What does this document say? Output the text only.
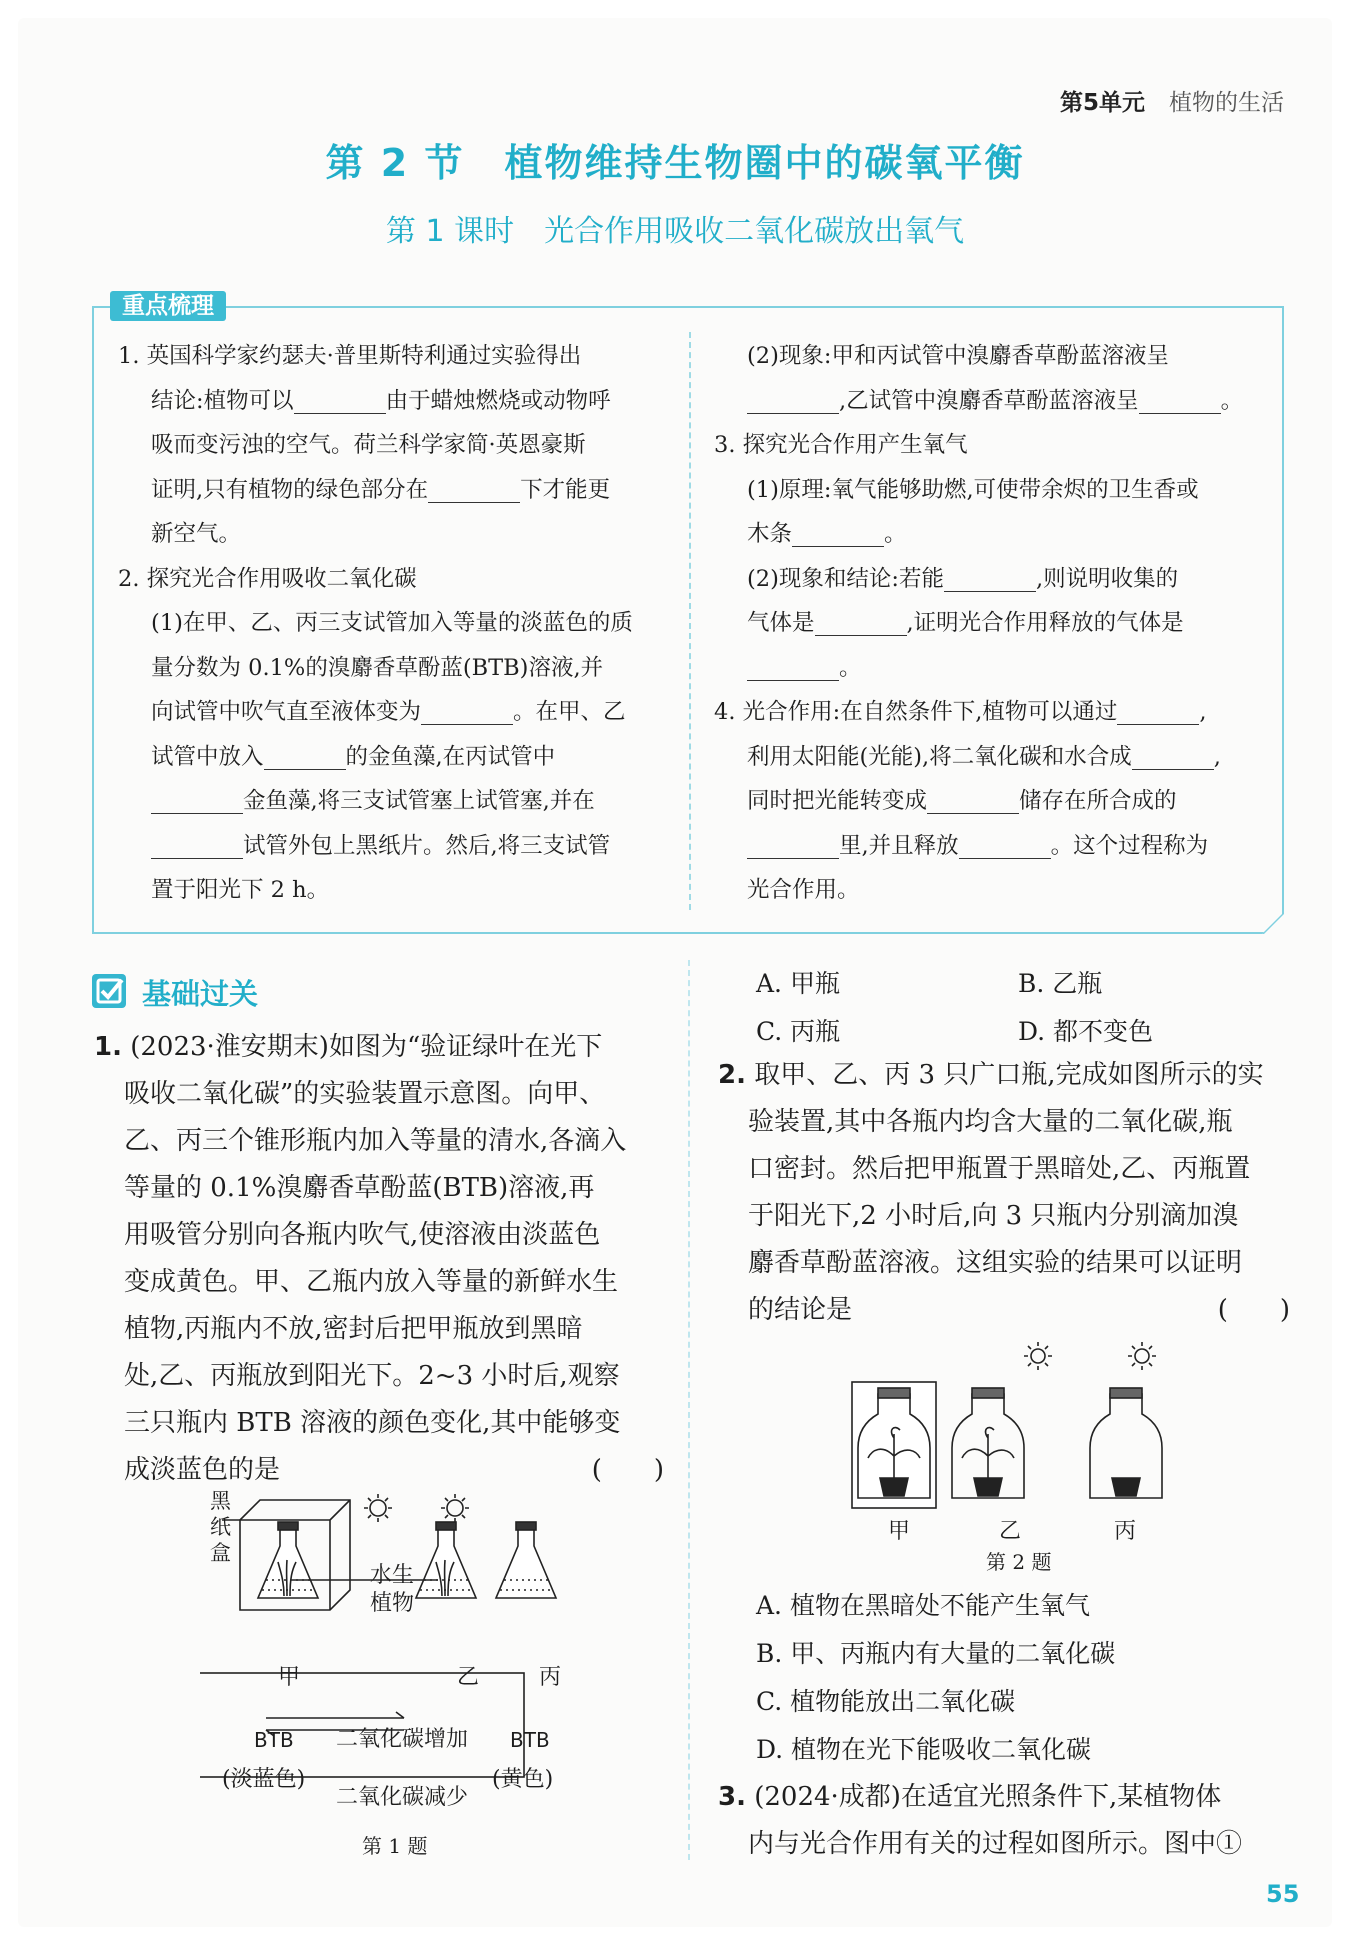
第5单元 植物的生活
第 2 节　植物维持生物圈中的碳氧平衡
第 1 课时　光合作用吸收二氧化碳放出氧气
重点梳理

1. 英国科学家约瑟夫·普里斯特利通过实验得出

结论:植物可以	由于蜡烛燃烧或动物呼

吸而变污浊的空气。荷兰科学家简·英恩豪斯

证明,只有植物的绿色部分在	下才能更

新空气。

2. 探究光合作用吸收二氧化碳

(1)在甲、乙、丙三支试管加入等量的淡蓝色的质

量分数为 0.1%的溴麝香草酚蓝(BTB)溶液,并

向试管中吹气直至液体变为	。在甲、乙

试管中放入	的金鱼藻,在丙试管中

金鱼藻,将三支试管塞上试管塞,并在

试管外包上黑纸片。然后,将三支试管

置于阳光下 2 h。

(2)现象:甲和丙试管中溴麝香草酚蓝溶液呈

,乙试管中溴麝香草酚蓝溶液呈	。

3. 探究光合作用产生氧气

(1)原理:氧气能够助燃,可使带余烬的卫生香或

木条	。

(2)现象和结论:若能	,则说明收集的

气体是	,证明光合作用释放的气体是

。

4. 光合作用:在自然条件下,植物可以通过	,

利用太阳能(光能),将二氧化碳和水合成	,

同时把光能转变成	储存在所合成的

里,并且释放	。这个过程称为

光合作用。

基础过关

1. (2023·淮安期末)如图为“验证绿叶在光下

吸收二氧化碳”的实验装置示意图。向甲、

乙、丙三个锥形瓶内加入等量的清水,各滴入

等量的 0.1%溴麝香草酚蓝(BTB)溶液,再

用吸管分别向各瓶内吹气,使溶液由淡蓝色

变成黄色。甲、乙瓶内放入等量的新鲜水生

植物,丙瓶内不放,密封后把甲瓶放到黑暗

处,乙、丙瓶放到阳光下。2~3 小时后,观察

三只瓶内 BTB 溶液的颜色变化,其中能够变

成淡蓝色的是	(　　)

黑
纸
盒
水生
植物
甲	乙	丙
BTB
(淡蓝色)
BTB
(黄色)
二氧化碳增加
二氧化碳减少
第 1 题
A. 甲瓶	B. 乙瓶
C. 丙瓶	D. 都不变色

2. 取甲、乙、丙 3 只广口瓶,完成如图所示的实

验装置,其中各瓶内均含大量的二氧化碳,瓶

口密封。然后把甲瓶置于黑暗处,乙、丙瓶置

于阳光下,2 小时后,向 3 只瓶内分别滴加溴

麝香草酚蓝溶液。这组实验的结果可以证明

的结论是	(　　)

甲	乙	丙
第 2 题
A. 植物在黑暗处不能产生氧气
B. 甲、丙瓶内有大量的二氧化碳
C. 植物能放出二氧化碳
D. 植物在光下能吸收二氧化碳

3. (2024·成都)在适宜光照条件下,某植物体

内与光合作用有关的过程如图所示。图中①

55
